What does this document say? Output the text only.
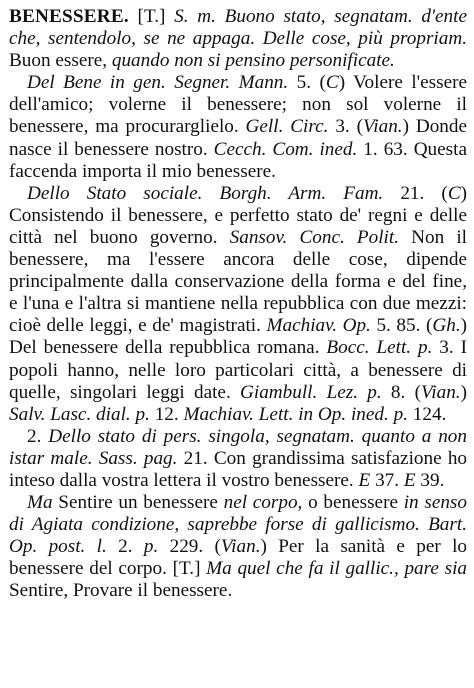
BENESSERE. [T.] S. m. Buono stato, segnatam. d'ente che, sentendolo, se ne appaga. Delle cose, più propriam. Buon essere, quando non si pensino personificate.

Del Bene in gen. Segner. Mann. 5. (C) Volere l'essere dell'amico; volerne il benessere; non sol volerne il benessere, ma procurarglielo. Gell. Circ. 3. (Vian.) Donde nasce il benessere nostro. Cecch. Com. ined. 1. 63. Questa faccenda importa il mio benessere.

Dello Stato sociale. Borgh. Arm. Fam. 21. (C) Consistendo il benessere, e perfetto stato de' regni e delle città nel buono governo. Sansov. Conc. Polit. Non il benessere, ma l'essere ancora delle cose, dipende principalmente dalla conservazione della forma e del fine, e l'una e l'altra si mantiene nella repubblica con due mezzi: cioè delle leggi, e de' magistrati. Machiav. Op. 5. 85. (Gh.) Del benessere della repubblica romana. Bocc. Lett. p. 3. I popoli hanno, nelle loro particolari città, a benessere di quelle, singolari leggi date. Giambull. Lez. p. 8. (Vian.) Salv. Lasc. dial. p. 12. Machiav. Lett. in Op. ined. p. 124.

2. Dello stato di pers. singola, segnatam. quanto a non istar male. Sass. pag. 21. Con grandissima satisfazione ho inteso dalla vostra lettera il vostro benessere. E 37. E 39.

Ma Sentire un benessere nel corpo, o benessere in senso di Agiata condizione, saprebbe forse di gallicismo. Bart. Op. post. l. 2. p. 229. (Vian.) Per la sanità e per lo benessere del corpo. [T.] Ma quel che fa il gallic., pare sia Sentire, Provare il benessere.
